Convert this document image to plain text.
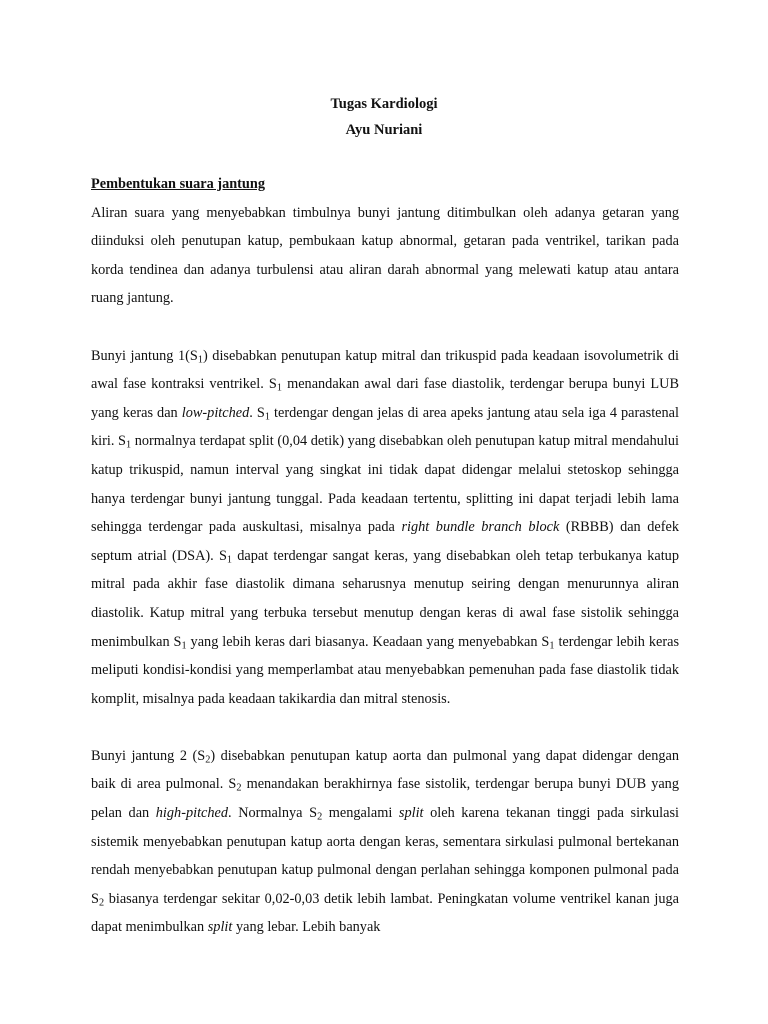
Tugas Kardiologi
Ayu Nuriani

Pembentukan suara jantung

Aliran suara yang menyebabkan timbulnya bunyi jantung ditimbulkan oleh adanya getaran yang diinduksi oleh penutupan katup, pembukaan katup abnormal, getaran pada ventrikel, tarikan pada korda tendinea dan adanya turbulensi atau aliran darah abnormal yang melewati katup atau antara ruang jantung.

Bunyi jantung $1(S_1)$ disebabkan penutupan katup mitral dan trikuspid pada keadaan isovolumetrik di awal fase kontraksi ventrikel. $S_1$ menandakan awal dari fase diastolik, terdengar berupa bunyi LUB yang keras dan low-pitched. $S_1$ terdengar dengan jelas di area apeks jantung atau sela iga 4 parastenal kiri. $S_1$ normalnya terdapat split (0,04 detik) yang disebabkan oleh penutupan katup mitral mendahului katup trikuspid, namun interval yang singkat ini tidak dapat didengar melalui stetoskop sehingga hanya terdengar bunyi jantung tunggal. Pada keadaan tertentu, splitting ini dapat terjadi lebih lama sehingga terdengar pada auskultasi, misalnya pada right bundle branch block (RBBB) dan defek septum atrial (DSA). $S_1$ dapat terdengar sangat keras, yang disebabkan oleh tetap terbukanya katup mitral pada akhir fase diastolik dimana seharusnya menutup seiring dengan menurunnya aliran diastolik. Katup mitral yang terbuka tersebut menutup dengan keras di awal fase sistolik sehingga menimbulkan $S_1$ yang lebih keras dari biasanya. Keadaan yang menyebabkan $S_1$ terdengar lebih keras meliputi kondisi-kondisi yang memperlambat atau menyebabkan pemenuhan pada fase diastolik tidak komplit, misalnya pada keadaan takikardia dan mitral stenosis.

Bunyi jantung 2 $(S_2)$ disebabkan penutupan katup aorta dan pulmonal yang dapat didengar dengan baik di area pulmonal. $S_2$ menandakan berakhirnya fase sistolik, terdengar berupa bunyi DUB yang pelan dan high-pitched. Normalnya $S_2$ mengalami split oleh karena tekanan tinggi pada sirkulasi sistemik menyebabkan penutupan katup aorta dengan keras, sementara sirkulasi pulmonal bertekanan rendah menyebabkan penutupan katup pulmonal dengan perlahan sehingga komponen pulmonal pada $S_2$ biasanya terdengar sekitar 0,02-0,03 detik lebih lambat. Peningkatan volume ventrikel kanan juga dapat menimbulkan split yang lebar. Lebih banyak
